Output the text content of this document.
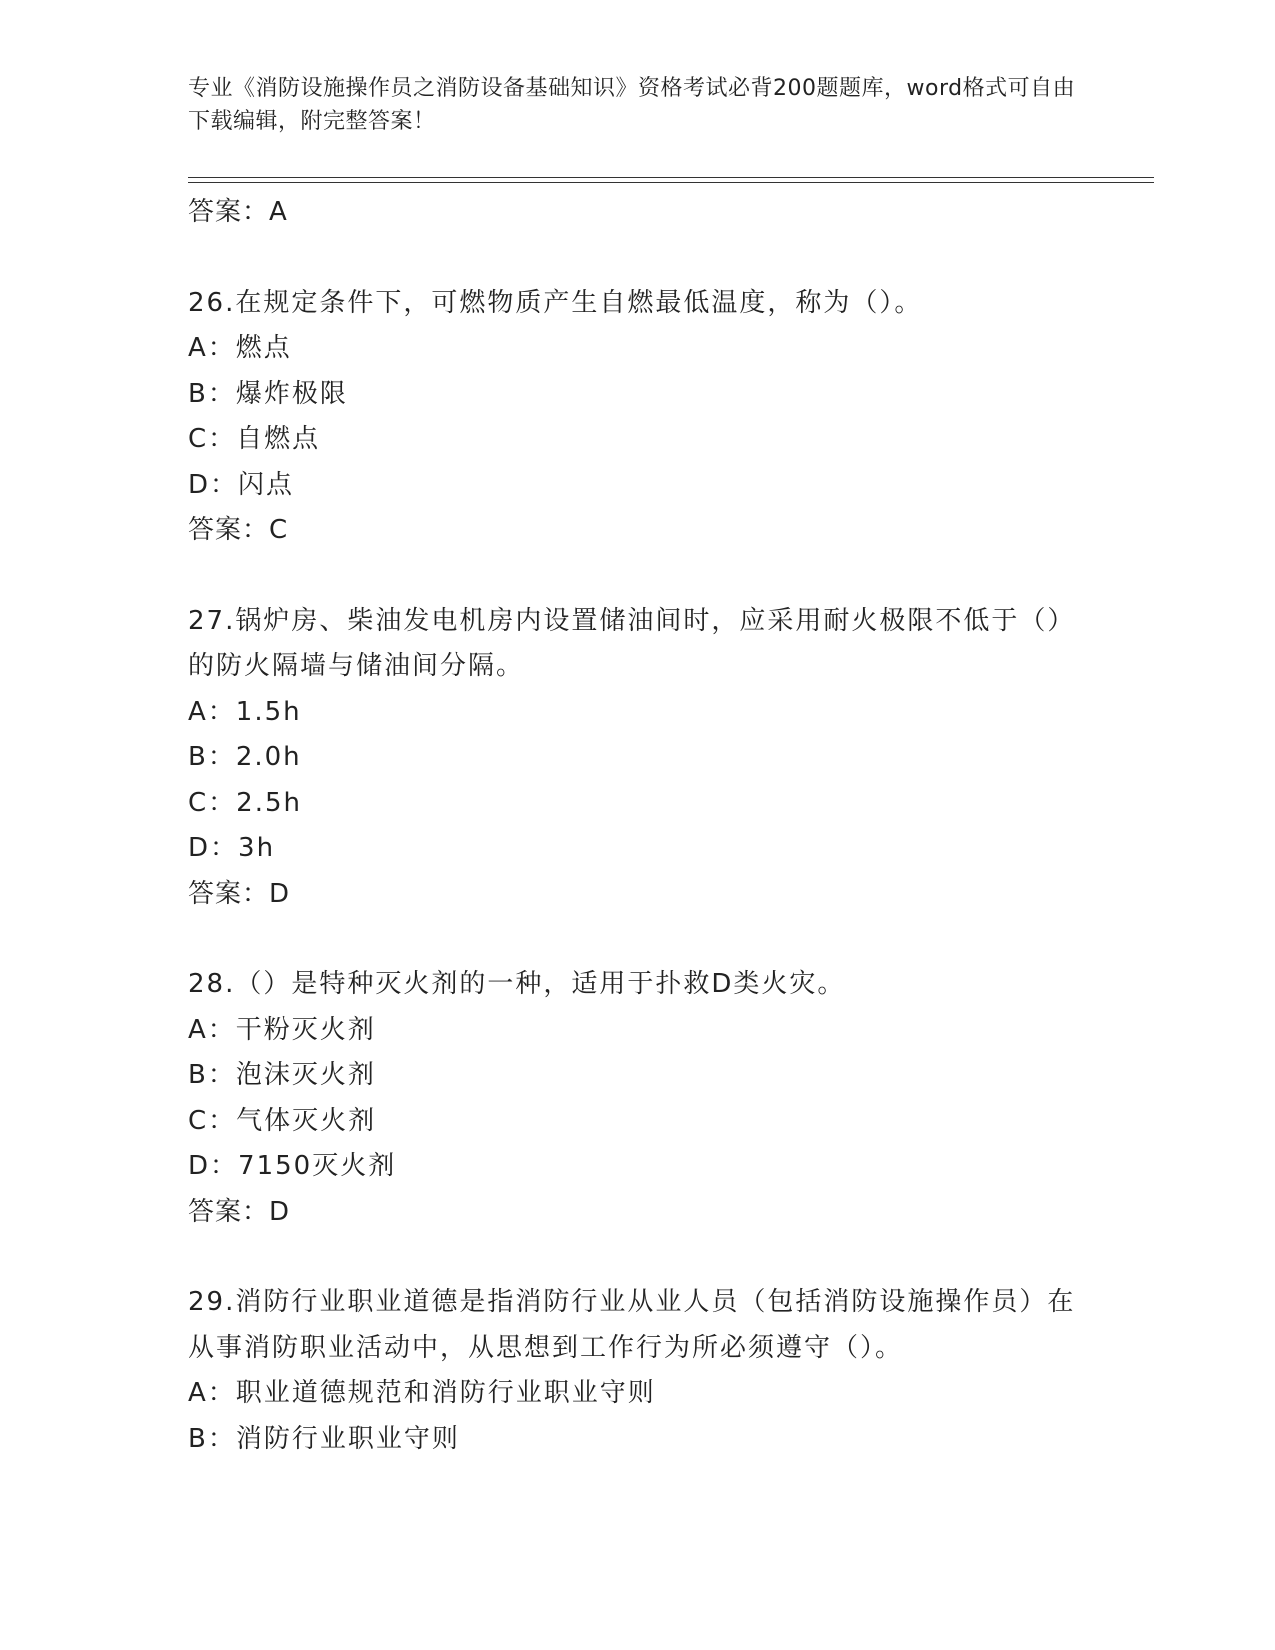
专业《消防设施操作员之消防设备基础知识》资格考试必背200题题库，word格式可自由下载编辑，附完整答案！
答案：A
26.在规定条件下，可燃物质产生自燃最低温度，称为（）。
A：燃点
B：爆炸极限
C：自燃点
D：闪点
答案：C
27.锅炉房、柴油发电机房内设置储油间时，应采用耐火极限不低于（）的防火隔墙与储油间分隔。
A：1.5h
B：2.0h
C：2.5h
D：3h
答案：D
28.（）是特种灭火剂的一种，适用于扑救D类火灾。
A：干粉灭火剂
B：泡沫灭火剂
C：气体灭火剂
D：7150灭火剂
答案：D
29.消防行业职业道德是指消防行业从业人员（包括消防设施操作员）在从事消防职业活动中，从思想到工作行为所必须遵守（）。
A：职业道德规范和消防行业职业守则
B：消防行业职业守则
